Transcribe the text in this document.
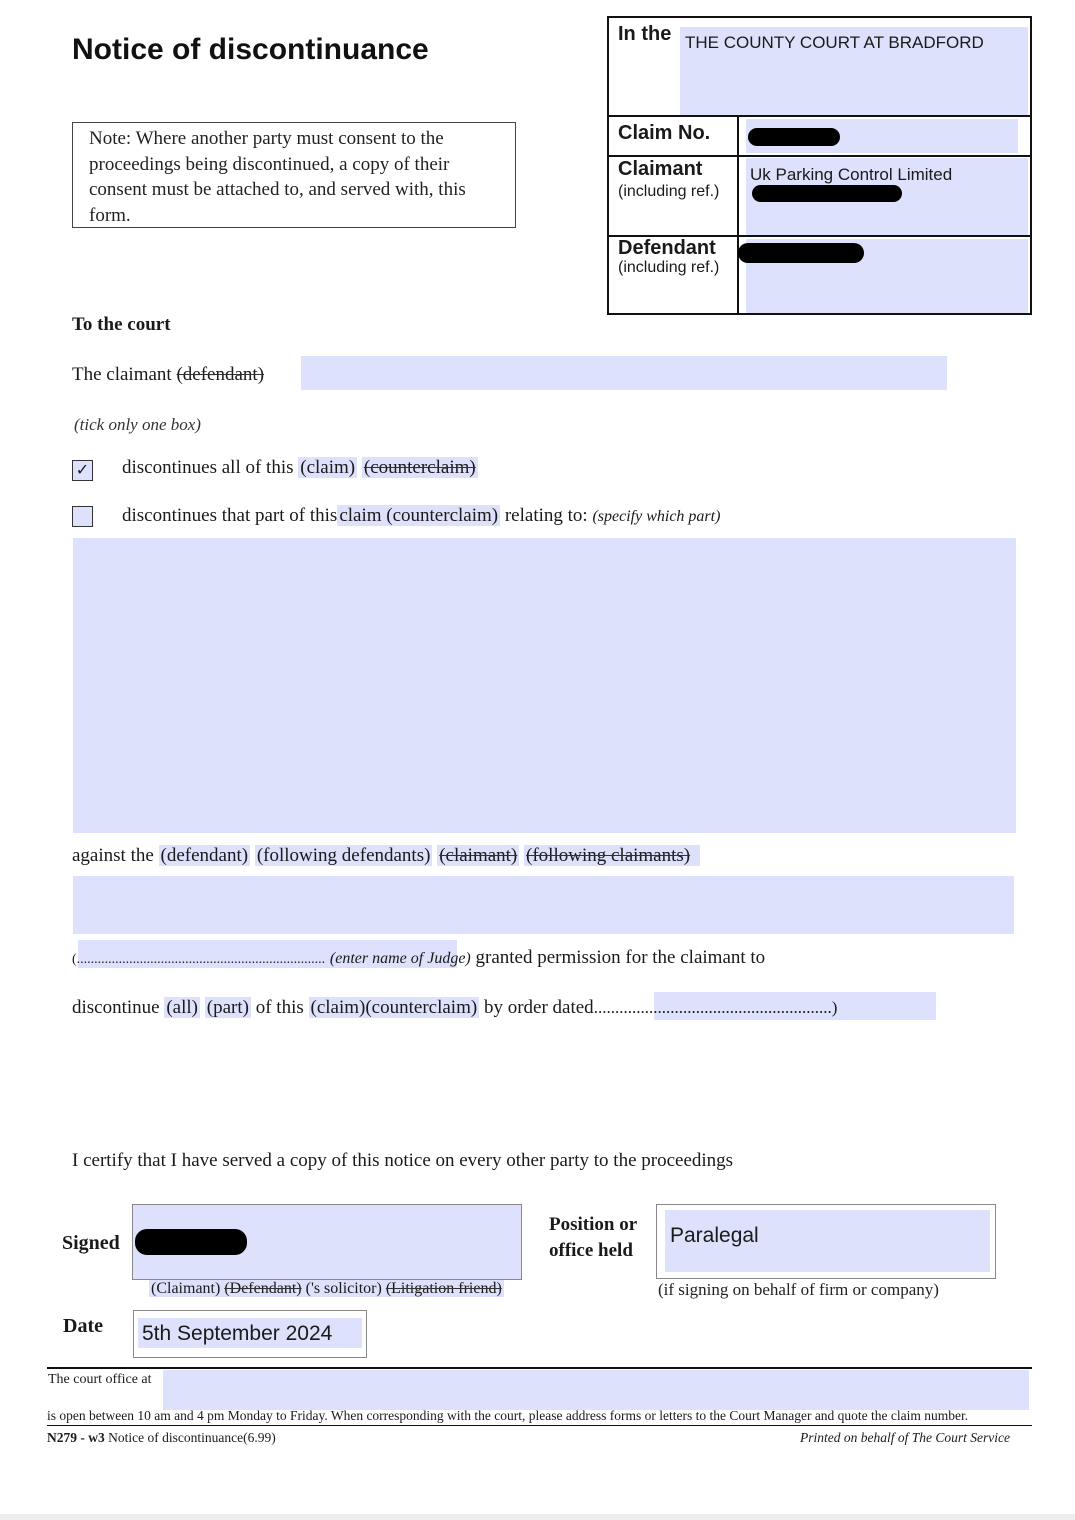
Notice of discontinuance	In the THE COUNTY COURT AT BRADFORD
Claim No.
Claimant
(including ref.)
Uk Parking Control Limited
Defendant
(including ref.)
Note: Where another party must consent to the proceedings being discontinued, a copy of their consent must be attached to, and served with, this form.
To the court
The claimant (defendant)
(tick only one box)
✓ discontinues all of this (claim) (counterclaim)
discontinues that part of this claim (counterclaim) relating to: (specify which part)
against the (defendant) (following defendants) (claimant) (following claimants)
(....................................................................... (enter name of Judge) granted permission for the claimant to
discontinue (all) (part) of this (claim)(counterclaim) by order dated........................................................)
I certify that I have served a copy of this notice on every other party to the proceedings
Signed
(Claimant) (Defendant) ('s solicitor) (Litigation friend)
Position or
office held
Paralegal
(if signing on behalf of firm or company)
Date 5th September 2024
The court office at
is open between 10 am and 4 pm Monday to Friday. When corresponding with the court, please address forms or letters to the Court Manager and quote the claim number.
N279 - w3 Notice of discontinuance(6.99)	Printed on behalf of The Court Service
